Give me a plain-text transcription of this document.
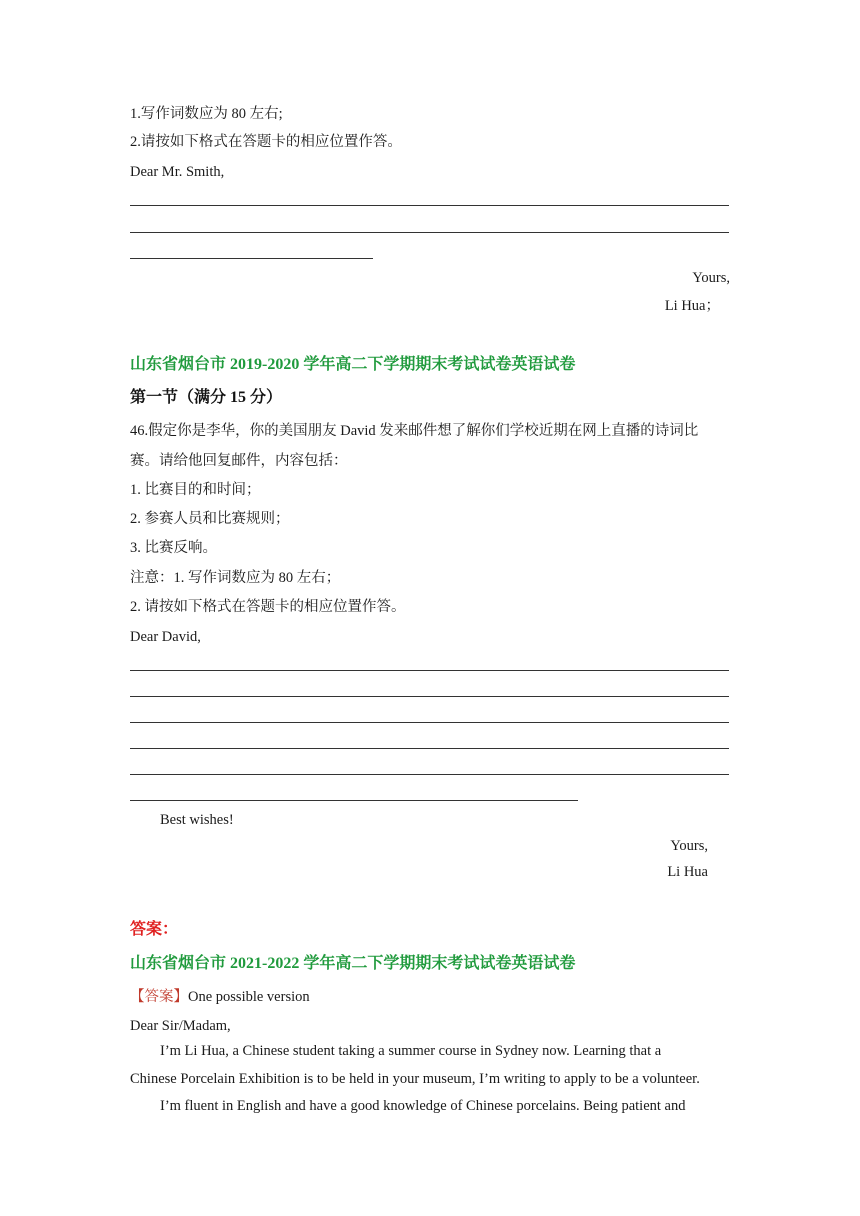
1.写作词数应为 80 左右;
2.请按如下格式在答题卡的相应位置作答。
Dear Mr. Smith,
Yours,
Li Hua；
山东省烟台市 2019-2020 学年高二下学期期末考试试卷英语试卷
第一节（满分 15 分）
46.假定你是李华，你的美国朋友 David 发来邮件想了解你们学校近期在网上直播的诗词比
赛。请给他回复邮件，内容包括：
1. 比赛目的和时间；
2. 参赛人员和比赛规则；
3. 比赛反响。
注意：1. 写作词数应为 80 左右；
2. 请按如下格式在答题卡的相应位置作答。
Dear David,
Best wishes!
Yours,
Li Hua
答案：
山东省烟台市 2021-2022 学年高二下学期期末考试试卷英语试卷
【答案】One possible version
Dear Sir/Madam,
I’m Li Hua, a Chinese student taking a summer course in Sydney now. Learning that a
Chinese Porcelain Exhibition is to be held in your museum, I’m writing to apply to be a volunteer.
I’m fluent in English and have a good knowledge of Chinese porcelains. Being patient and
